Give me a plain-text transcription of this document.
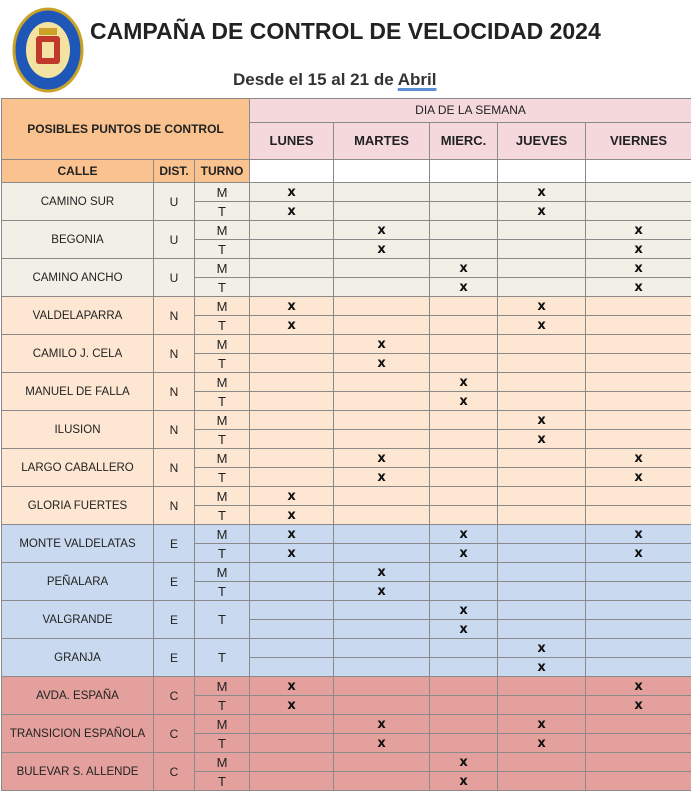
CAMPAÑA DE CONTROL DE VELOCIDAD 2024
Desde el 15 al 21 de Abril
POSIBLES PUNTOS DE CONTROL			DIA DE LA SEMANA				
			LUNES	MARTES	MIERC.	JUEVES	VIERNES
CALLE	DIST.	TURNO					
CAMINO SUR	U	M	x			x	
		T	x			x	
BEGONIA	U	M		x			x
		T		x			x
CAMINO ANCHO	U	M			x		x
		T			x		x
VALDELAPARRA	N	M	x			x	
		T	x			x	
CAMILO J. CELA	N	M		x			
		T		x			
MANUEL DE FALLA	N	M			x		
		T			x		
ILUSION	N	M				x	
		T				x	
LARGO CABALLERO	N	M		x			x
		T		x			x
GLORIA FUERTES	N	M	x				
		T	x				
MONTE VALDELATAS	E	M	x		x		x
		T	x		x		x
PEÑALARA	E	M		x			
		T		x			
VALGRANDE	E	T			x		
					x		
GRANJA	E	T				x	
						x	
AVDA. ESPAÑA	C	M	x				x
		T	x				x
TRANSICION ESPAÑOLA	C	M		x		x	
		T		x		x	
BULEVAR S. ALLENDE	C	M			x		
		T			x		
